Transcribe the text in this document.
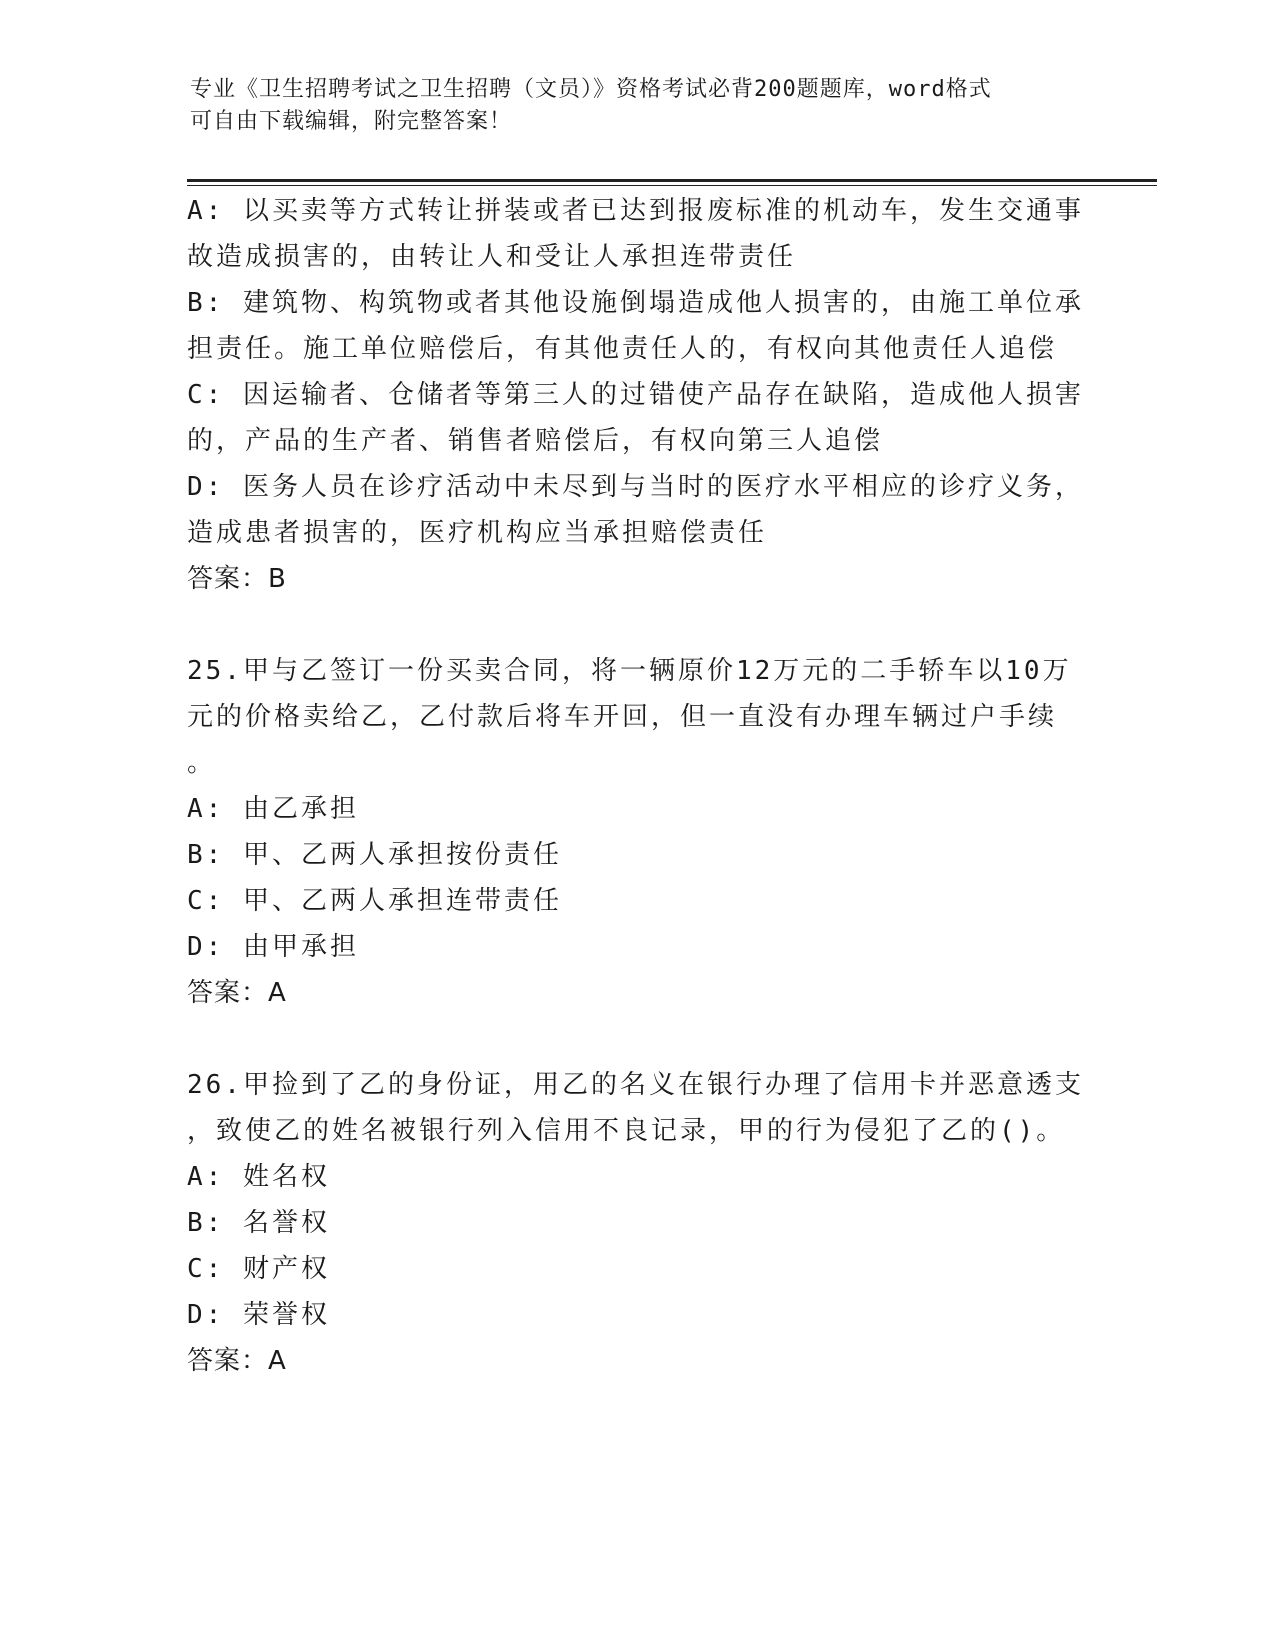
专业《卫生招聘考试之卫生招聘（文员）》资格考试必背200题题库，word格式
可自由下载编辑，附完整答案！
A: 以买卖等方式转让拼装或者已达到报废标准的机动车，发生交通事
故造成损害的，由转让人和受让人承担连带责任
B: 建筑物、构筑物或者其他设施倒塌造成他人损害的，由施工单位承
担责任。施工单位赔偿后，有其他责任人的，有权向其他责任人追偿
C: 因运输者、仓储者等第三人的过错使产品存在缺陷，造成他人损害
的，产品的生产者、销售者赔偿后，有权向第三人追偿
D: 医务人员在诊疗活动中未尽到与当时的医疗水平相应的诊疗义务，
造成患者损害的，医疗机构应当承担赔偿责任
答案：B
25.甲与乙签订一份买卖合同，将一辆原价12万元的二手轿车以10万
元的价格卖给乙，乙付款后将车开回，但一直没有办理车辆过户手续
。
A: 由乙承担
B: 甲、乙两人承担按份责任
C: 甲、乙两人承担连带责任
D: 由甲承担
答案：A
26.甲捡到了乙的身份证，用乙的名义在银行办理了信用卡并恶意透支
，致使乙的姓名被银行列入信用不良记录，甲的行为侵犯了乙的()。
A: 姓名权
B: 名誉权
C: 财产权
D: 荣誉权
答案：A
